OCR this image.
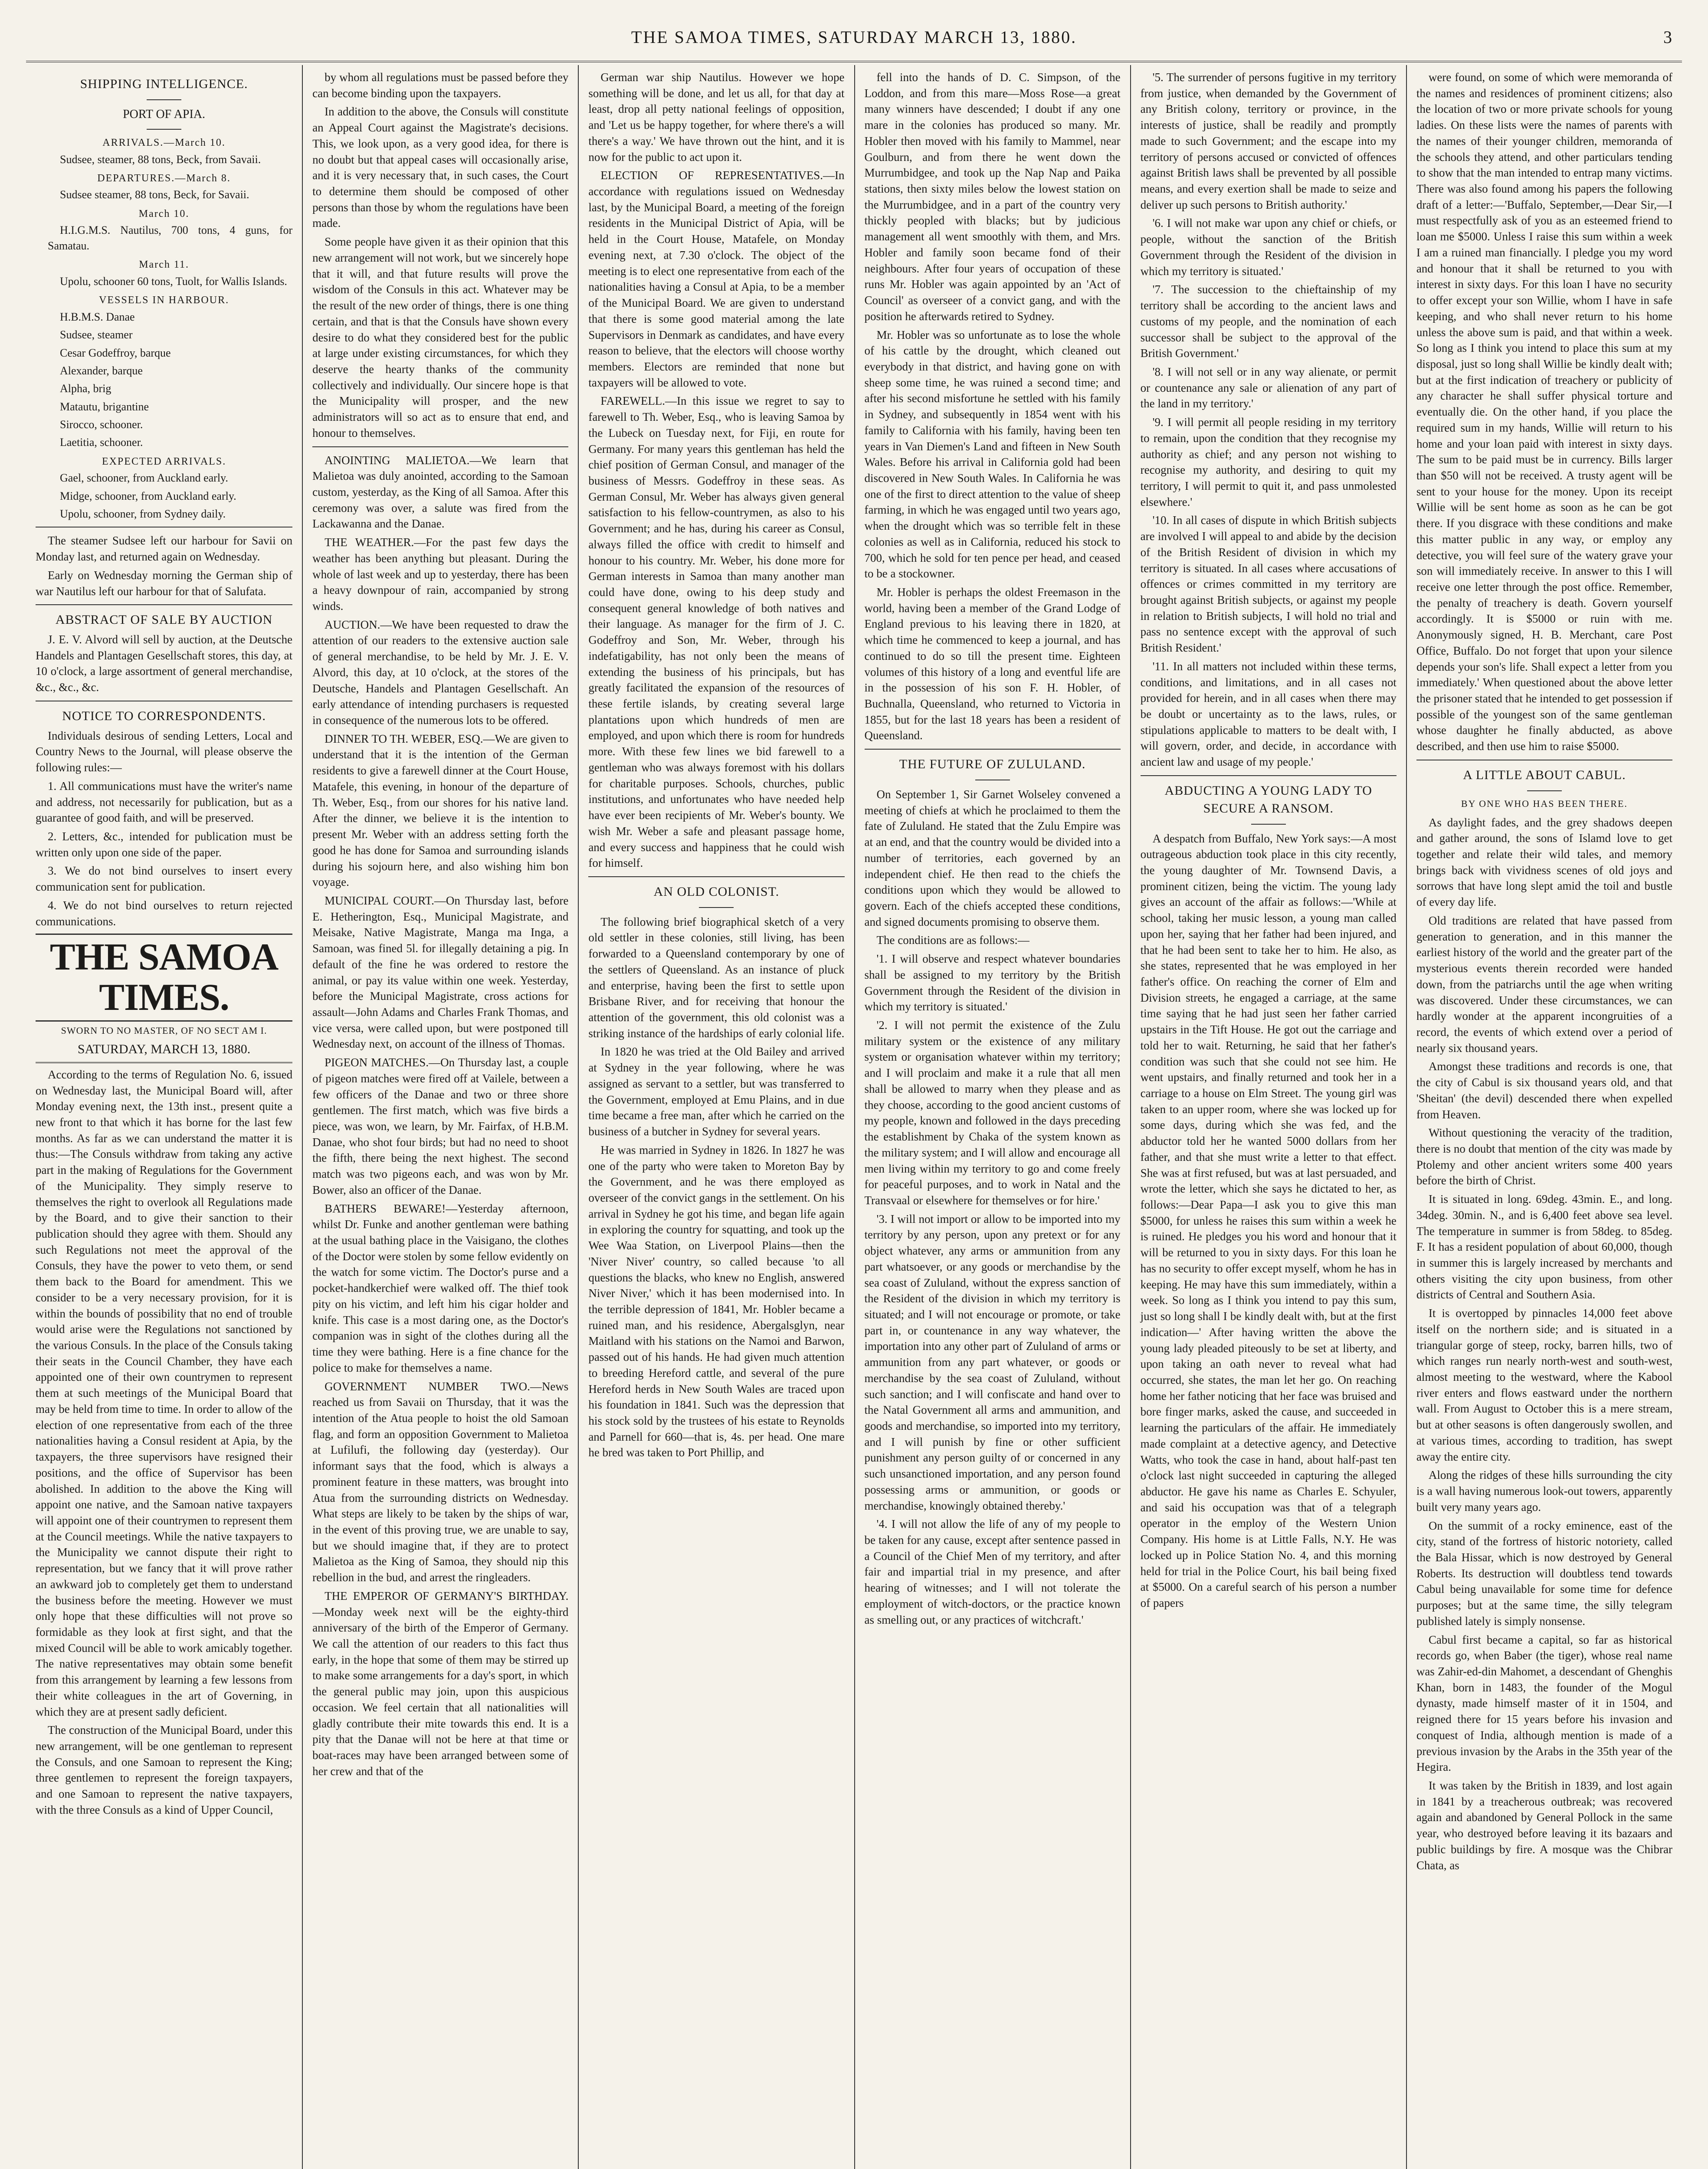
THE SAMOA TIMES, SATURDAY MARCH 13, 1880.	3
SHIPPING INTELLIGENCE.
PORT OF APIA.
ARRIVALS.—March 10.

Sudsee, steamer, 88 tons, Beck, from Savaii.

DEPARTURES.—March 8.

Sudsee steamer, 88 tons, Beck, for Savaii.

March 10.

H.I.G.M.S. Nautilus, 700 tons, 4 guns, for Samatau.

March 11.

Upolu, schooner 60 tons, Tuolt, for Wallis Islands.

VESSELS IN HARBOUR.

H.B.M.S. Danae

Sudsee, steamer

Cesar Godeffroy, barque

Alexander, barque

Alpha, brig

Matautu, brigantine

Sirocco, schooner.

Laetitia, schooner.

EXPECTED ARRIVALS.

Gael, schooner, from Auckland early.

Midge, schooner, from Auckland early.

Upolu, schooner, from Sydney daily.

The steamer Sudsee left our harbour for Savii on Monday last, and returned again on Wednesday.

Early on Wednesday morning the German ship of war Nautilus left our harbour for that of Salufata.

ABSTRACT OF SALE BY AUCTION

J. E. V. Alvord will sell by auction, at the Deutsche Handels and Plantagen Gesellschaft stores, this day, at 10 o'clock, a large assortment of general merchandise, &c., &c., &c.

NOTICE TO CORRESPONDENTS.

Individuals desirous of sending Letters, Local and Country News to the Journal, will please observe the following rules:—

1. All communications must have the writer's name and address, not necessarily for publication, but as a guarantee of good faith, and will be preserved.

2. Letters, &c., intended for publication must be written only upon one side of the paper.

3. We do not bind ourselves to insert every communication sent for publication.

4. We do not bind ourselves to return rejected communications.

THE SAMOA TIMES.
SWORN TO NO MASTER, OF NO SECT AM I.
SATURDAY, MARCH 13, 1880.

According to the terms of Regulation No. 6, issued on Wednesday last, the Municipal Board will, after Monday evening next, the 13th inst., present quite a new front to that which it has borne for the last few months. As far as we can understand the matter it is thus:—The Consuls withdraw from taking any active part in the making of Regulations for the Government of the Municipality. They simply reserve to themselves the right to overlook all Regulations made by the Board, and to give their sanction to their publication should they agree with them. Should any such Regulations not meet the approval of the Consuls, they have the power to veto them, or send them back to the Board for amendment. This we consider to be a very necessary provision, for it is within the bounds of possibility that no end of trouble would arise were the Regulations not sanctioned by the various Consuls. In the place of the Consuls taking their seats in the Council Chamber, they have each appointed one of their own countrymen to represent them at such meetings of the Municipal Board that may be held from time to time. In order to allow of the election of one representative from each of the three nationalities having a Consul resident at Apia, by the taxpayers, the three supervisors have resigned their positions, and the office of Supervisor has been abolished. In addition to the above the King will appoint one native, and the Samoan native taxpayers will appoint one of their countrymen to represent them at the Council meetings. While the native taxpayers to the Municipality we cannot dispute their right to representation, but we fancy that it will prove rather an awkward job to completely get them to understand the business before the meeting. However we must only hope that these difficulties will not prove so formidable as they look at first sight, and that the mixed Council will be able to work amicably together. The native representatives may obtain some benefit from this arrangement by learning a few lessons from their white colleagues in the art of Governing, in which they are at present sadly deficient.

The construction of the Municipal Board, under this new arrangement, will be one gentleman to represent the Consuls, and one Samoan to represent the King; three gentlemen to represent the foreign taxpayers, and one Samoan to represent the native taxpayers, with the three Consuls as a kind of Upper Council,

by whom all regulations must be passed before they can become binding upon the taxpayers.

In addition to the above, the Consuls will constitute an Appeal Court against the Magistrate's decisions. This, we look upon, as a very good idea, for there is no doubt but that appeal cases will occasionally arise, and it is very necessary that, in such cases, the Court to determine them should be composed of other persons than those by whom the regulations have been made.

Some people have given it as their opinion that this new arrangement will not work, but we sincerely hope that it will, and that future results will prove the wisdom of the Consuls in this act. Whatever may be the result of the new order of things, there is one thing certain, and that is that the Consuls have shown every desire to do what they considered best for the public at large under existing circumstances, for which they deserve the hearty thanks of the community collectively and individually. Our sincere hope is that the Municipality will prosper, and the new administrators will so act as to ensure that end, and honour to themselves.

ANOINTING MALIETOA.—We learn that Malietoa was duly anointed, according to the Samoan custom, yesterday, as the King of all Samoa. After this ceremony was over, a salute was fired from the Lackawanna and the Danae.

THE WEATHER.—For the past few days the weather has been anything but pleasant. During the whole of last week and up to yesterday, there has been a heavy downpour of rain, accompanied by strong winds.

AUCTION.—We have been requested to draw the attention of our readers to the extensive auction sale of general merchandise, to be held by Mr. J. E. V. Alvord, this day, at 10 o'clock, at the stores of the Deutsche, Handels and Plantagen Gesellschaft. An early attendance of intending purchasers is requested in consequence of the numerous lots to be offered.

DINNER TO TH. WEBER, ESQ.—We are given to understand that it is the intention of the German residents to give a farewell dinner at the Court House, Matafele, this evening, in honour of the departure of Th. Weber, Esq., from our shores for his native land. After the dinner, we believe it is the intention to present Mr. Weber with an address setting forth the good he has done for Samoa and surrounding islands during his sojourn here, and also wishing him bon voyage.

MUNICIPAL COURT.—On Thursday last, before E. Hetherington, Esq., Municipal Magistrate, and Meisake, Native Magistrate, Manga ma Inga, a Samoan, was fined 5l. for illegally detaining a pig. In default of the fine he was ordered to restore the animal, or pay its value within one week. Yesterday, before the Municipal Magistrate, cross actions for assault—John Adams and Charles Frank Thomas, and vice versa, were called upon, but were postponed till Wednesday next, on account of the illness of Thomas.

PIGEON MATCHES.—On Thursday last, a couple of pigeon matches were fired off at Vailele, between a few officers of the Danae and two or three shore gentlemen. The first match, which was five birds a piece, was won, we learn, by Mr. Fairfax, of H.B.M. Danae, who shot four birds; but had no need to shoot the fifth, there being the next highest. The second match was two pigeons each, and was won by Mr. Bower, also an officer of the Danae.

BATHERS BEWARE!—Yesterday afternoon, whilst Dr. Funke and another gentleman were bathing at the usual bathing place in the Vaisigano, the clothes of the Doctor were stolen by some fellow evidently on the watch for some victim. The Doctor's purse and a pocket-handkerchief were walked off. The thief took pity on his victim, and left him his cigar holder and knife. This case is a most daring one, as the Doctor's companion was in sight of the clothes during all the time they were bathing. Here is a fine chance for the police to make for themselves a name.

GOVERNMENT NUMBER TWO.—News reached us from Savaii on Thursday, that it was the intention of the Atua people to hoist the old Samoan flag, and form an opposition Government to Malietoa at Lufilufi, the following day (yesterday). Our informant says that the food, which is always a prominent feature in these matters, was brought into Atua from the surrounding districts on Wednesday. What steps are likely to be taken by the ships of war, in the event of this proving true, we are unable to say, but we should imagine that, if they are to protect Malietoa as the King of Samoa, they should nip this rebellion in the bud, and arrest the ringleaders.

THE EMPEROR OF GERMANY'S BIRTHDAY.—Monday week next will be the eighty-third anniversary of the birth of the Emperor of Germany. We call the attention of our readers to this fact thus early, in the hope that some of them may be stirred up to make some arrangements for a day's sport, in which the general public may join, upon this auspicious occasion. We feel certain that all nationalities will gladly contribute their mite towards this end. It is a pity that the Danae will not be here at that time or boat-races may have been arranged between some of her crew and that of the

German war ship Nautilus. However we hope something will be done, and let us all, for that day at least, drop all petty national feelings of opposition, and 'Let us be happy together, for where there's a will there's a way.' We have thrown out the hint, and it is now for the public to act upon it.

ELECTION OF REPRESENTATIVES.—In accordance with regulations issued on Wednesday last, by the Municipal Board, a meeting of the foreign residents in the Municipal District of Apia, will be held in the Court House, Matafele, on Monday evening next, at 7.30 o'clock. The object of the meeting is to elect one representative from each of the nationalities having a Consul at Apia, to be a member of the Municipal Board. We are given to understand that there is some good material among the late Supervisors in Denmark as candidates, and have every reason to believe, that the electors will choose worthy members. Electors are reminded that none but taxpayers will be allowed to vote.

FAREWELL.—In this issue we regret to say to farewell to Th. Weber, Esq., who is leaving Samoa by the Lubeck on Tuesday next, for Fiji, en route for Germany. For many years this gentleman has held the chief position of German Consul, and manager of the business of Messrs. Godeffroy in these seas. As German Consul, Mr. Weber has always given general satisfaction to his fellow-countrymen, as also to his Government; and he has, during his career as Consul, always filled the office with credit to himself and honour to his country. Mr. Weber, his done more for German interests in Samoa than many another man could have done, owing to his deep study and consequent general knowledge of both natives and their language. As manager for the firm of J. C. Godeffroy and Son, Mr. Weber, through his indefatigability, has not only been the means of extending the business of his principals, but has greatly facilitated the expansion of the resources of these fertile islands, by creating several large plantations upon which hundreds of men are employed, and upon which there is room for hundreds more. With these few lines we bid farewell to a gentleman who was always foremost with his dollars for charitable purposes. Schools, churches, public institutions, and unfortunates who have needed help have ever been recipients of Mr. Weber's bounty. We wish Mr. Weber a safe and pleasant passage home, and every success and happiness that he could wish for himself.

AN OLD COLONIST.

The following brief biographical sketch of a very old settler in these colonies, still living, has been forwarded to a Queensland contemporary by one of the settlers of Queensland. As an instance of pluck and enterprise, having been the first to settle upon Brisbane River, and for receiving that honour the attention of the government, this old colonist was a striking instance of the hardships of early colonial life.

In 1820 he was tried at the Old Bailey and arrived at Sydney in the year following, where he was assigned as servant to a settler, but was transferred to the Government, employed at Emu Plains, and in due time became a free man, after which he carried on the business of a butcher in Sydney for several years.

He was married in Sydney in 1826. In 1827 he was one of the party who were taken to Moreton Bay by the Government, and he was there employed as overseer of the convict gangs in the settlement. On his arrival in Sydney he got his time, and began life again in exploring the country for squatting, and took up the Wee Waa Station, on Liverpool Plains—then the 'Niver Niver' country, so called because 'to all questions the blacks, who knew no English, answered Niver Niver,' which it has been modernised into. In the terrible depression of 1841, Mr. Hobler became a ruined man, and his residence, Abergalsglyn, near Maitland with his stations on the Namoi and Barwon, passed out of his hands. He had given much attention to breeding Hereford cattle, and several of the pure Hereford herds in New South Wales are traced upon his foundation in 1841. Such was the depression that his stock sold by the trustees of his estate to Reynolds and Parnell for 660—that is, 4s. per head. One mare he bred was taken to Port Phillip, and

fell into the hands of D. C. Simpson, of the Loddon, and from this mare—Moss Rose—a great many winners have descended; I doubt if any one mare in the colonies has produced so many. Mr. Hobler then moved with his family to Mammel, near Goulburn, and from there he went down the Murrumbidgee, and took up the Nap Nap and Paika stations, then sixty miles below the lowest station on the Murrumbidgee, and in a part of the country very thickly peopled with blacks; but by judicious management all went smoothly with them, and Mrs. Hobler and family soon became fond of their neighbours. After four years of occupation of these runs Mr. Hobler was again appointed by an 'Act of Council' as overseer of a convict gang, and with the position he afterwards retired to Sydney.

Mr. Hobler was so unfortunate as to lose the whole of his cattle by the drought, which cleaned out everybody in that district, and having gone on with sheep some time, he was ruined a second time; and after his second misfortune he settled with his family in Sydney, and subsequently in 1854 went with his family to California with his family, having been ten years in Van Diemen's Land and fifteen in New South Wales. Before his arrival in California gold had been discovered in New South Wales. In California he was one of the first to direct attention to the value of sheep farming, in which he was engaged until two years ago, when the drought which was so terrible felt in these colonies as well as in California, reduced his stock to 700, which he sold for ten pence per head, and ceased to be a stockowner.

Mr. Hobler is perhaps the oldest Freemason in the world, having been a member of the Grand Lodge of England previous to his leaving there in 1820, at which time he commenced to keep a journal, and has continued to do so till the present time. Eighteen volumes of this history of a long and eventful life are in the possession of his son F. H. Hobler, of Buchnalla, Queensland, who returned to Victoria in 1855, but for the last 18 years has been a resident of Queensland.

THE FUTURE OF ZULULAND.

On September 1, Sir Garnet Wolseley convened a meeting of chiefs at which he proclaimed to them the fate of Zululand. He stated that the Zulu Empire was at an end, and that the country would be divided into a number of territories, each governed by an independent chief. He then read to the chiefs the conditions upon which they would be allowed to govern. Each of the chiefs accepted these conditions, and signed documents promising to observe them.

The conditions are as follows:—

'1. I will observe and respect whatever boundaries shall be assigned to my territory by the British Government through the Resident of the division in which my territory is situated.'

'2. I will not permit the existence of the Zulu military system or the existence of any military system or organisation whatever within my territory; and I will proclaim and make it a rule that all men shall be allowed to marry when they please and as they choose, according to the good ancient customs of my people, known and followed in the days preceding the establishment by Chaka of the system known as the military system; and I will allow and encourage all men living within my territory to go and come freely for peaceful purposes, and to work in Natal and the Transvaal or elsewhere for themselves or for hire.'

'3. I will not import or allow to be imported into my territory by any person, upon any pretext or for any object whatever, any arms or ammunition from any part whatsoever, or any goods or merchandise by the sea coast of Zululand, without the express sanction of the Resident of the division in which my territory is situated; and I will not encourage or promote, or take part in, or countenance in any way whatever, the importation into any other part of Zululand of arms or ammunition from any part whatever, or goods or merchandise by the sea coast of Zululand, without such sanction; and I will confiscate and hand over to the Natal Government all arms and ammunition, and goods and merchandise, so imported into my territory, and I will punish by fine or other sufficient punishment any person guilty of or concerned in any such unsanctioned importation, and any person found possessing arms or ammunition, or goods or merchandise, knowingly obtained thereby.'

'4. I will not allow the life of any of my people to be taken for any cause, except after sentence passed in a Council of the Chief Men of my territory, and after fair and impartial trial in my presence, and after hearing of witnesses; and I will not tolerate the employment of witch-doctors, or the practice known as smelling out, or any practices of witchcraft.'

'5. The surrender of persons fugitive in my territory from justice, when demanded by the Government of any British colony, territory or province, in the interests of justice, shall be readily and promptly made to such Government; and the escape into my territory of persons accused or convicted of offences against British laws shall be prevented by all possible means, and every exertion shall be made to seize and deliver up such persons to British authority.'

'6. I will not make war upon any chief or chiefs, or people, without the sanction of the British Government through the Resident of the division in which my territory is situated.'

'7. The succession to the chieftainship of my territory shall be according to the ancient laws and customs of my people, and the nomination of each successor shall be subject to the approval of the British Government.'

'8. I will not sell or in any way alienate, or permit or countenance any sale or alienation of any part of the land in my territory.'

'9. I will permit all people residing in my territory to remain, upon the condition that they recognise my authority as chief; and any person not wishing to recognise my authority, and desiring to quit my territory, I will permit to quit it, and pass unmolested elsewhere.'

'10. In all cases of dispute in which British subjects are involved I will appeal to and abide by the decision of the British Resident of division in which my territory is situated. In all cases where accusations of offences or crimes committed in my territory are brought against British subjects, or against my people in relation to British subjects, I will hold no trial and pass no sentence except with the approval of such British Resident.'

'11. In all matters not included within these terms, conditions, and limitations, and in all cases not provided for herein, and in all cases when there may be doubt or uncertainty as to the laws, rules, or stipulations applicable to matters to be dealt with, I will govern, order, and decide, in accordance with ancient law and usage of my people.'

ABDUCTING A YOUNG LADY TO SECURE A RANSOM.

A despatch from Buffalo, New York says:—A most outrageous abduction took place in this city recently, the young daughter of Mr. Townsend Davis, a prominent citizen, being the victim. The young lady gives an account of the affair as follows:—'While at school, taking her music lesson, a young man called upon her, saying that her father had been injured, and that he had been sent to take her to him. He also, as she states, represented that he was employed in her father's office. On reaching the corner of Elm and Division streets, he engaged a carriage, at the same time saying that he had just seen her father carried upstairs in the Tift House. He got out the carriage and told her to wait. Returning, he said that her father's condition was such that she could not see him. He went upstairs, and finally returned and took her in a carriage to a house on Elm Street. The young girl was taken to an upper room, where she was locked up for some days, during which she was fed, and the abductor told her he wanted 5000 dollars from her father, and that she must write a letter to that effect. She was at first refused, but was at last persuaded, and wrote the letter, which she says he dictated to her, as follows:—Dear Papa—I ask you to give this man $5000, for unless he raises this sum within a week he is ruined. He pledges you his word and honour that it will be returned to you in sixty days. For this loan he has no security to offer except myself, whom he has in keeping. He may have this sum immediately, within a week. So long as I think you intend to pay this sum, just so long shall I be kindly dealt with, but at the first indication—' After having written the above the young lady pleaded piteously to be set at liberty, and upon taking an oath never to reveal what had occurred, she states, the man let her go. On reaching home her father noticing that her face was bruised and bore finger marks, asked the cause, and succeeded in learning the particulars of the affair. He immediately made complaint at a detective agency, and Detective Watts, who took the case in hand, about half-past ten o'clock last night succeeded in capturing the alleged abductor. He gave his name as Charles E. Schyuler, and said his occupation was that of a telegraph operator in the employ of the Western Union Company. His home is at Little Falls, N.Y. He was locked up in Police Station No. 4, and this morning held for trial in the Police Court, his bail being fixed at $5000. On a careful search of his person a number of papers

were found, on some of which were memoranda of the names and residences of prominent citizens; also the location of two or more private schools for young ladies. On these lists were the names of parents with the names of their younger children, memoranda of the schools they attend, and other particulars tending to show that the man intended to entrap many victims. There was also found among his papers the following draft of a letter:—'Buffalo, September,—Dear Sir,—I must respectfully ask of you as an esteemed friend to loan me $5000. Unless I raise this sum within a week I am a ruined man financially. I pledge you my word and honour that it shall be returned to you with interest in sixty days. For this loan I have no security to offer except your son Willie, whom I have in safe keeping, and who shall never return to his home unless the above sum is paid, and that within a week. So long as I think you intend to place this sum at my disposal, just so long shall Willie be kindly dealt with; but at the first indication of treachery or publicity of any character he shall suffer physical torture and eventually die. On the other hand, if you place the required sum in my hands, Willie will return to his home and your loan paid with interest in sixty days. The sum to be paid must be in currency. Bills larger than $50 will not be received. A trusty agent will be sent to your house for the money. Upon its receipt Willie will be sent home as soon as he can be got there. If you disgrace with these conditions and make this matter public in any way, or employ any detective, you will feel sure of the watery grave your son will immediately receive. In answer to this I will receive one letter through the post office. Remember, the penalty of treachery is death. Govern yourself accordingly. It is $5000 or ruin with me. Anonymously signed, H. B. Merchant, care Post Office, Buffalo. Do not forget that upon your silence depends your son's life. Shall expect a letter from you immediately.' When questioned about the above letter the prisoner stated that he intended to get possession if possible of the youngest son of the same gentleman whose daughter he finally abducted, as above described, and then use him to raise $5000.

A LITTLE ABOUT CABUL.
BY ONE WHO HAS BEEN THERE.

As daylight fades, and the grey shadows deepen and gather around, the sons of Islamd love to get together and relate their wild tales, and memory brings back with vividness scenes of old joys and sorrows that have long slept amid the toil and bustle of every day life.

Old traditions are related that have passed from generation to generation, and in this manner the earliest history of the world and the greater part of the mysterious events therein recorded were handed down, from the patriarchs until the age when writing was discovered. Under these circumstances, we can hardly wonder at the apparent incongruities of a record, the events of which extend over a period of nearly six thousand years.

Amongst these traditions and records is one, that the city of Cabul is six thousand years old, and that 'Sheitan' (the devil) descended there when expelled from Heaven.

Without questioning the veracity of the tradition, there is no doubt that mention of the city was made by Ptolemy and other ancient writers some 400 years before the birth of Christ.

It is situated in long. 69deg. 43min. E., and long. 34deg. 30min. N., and is 6,400 feet above sea level. The temperature in summer is from 58deg. to 85deg. F. It has a resident population of about 60,000, though in summer this is largely increased by merchants and others visiting the city upon business, from other districts of Central and Southern Asia.

It is overtopped by pinnacles 14,000 feet above itself on the northern side; and is situated in a triangular gorge of steep, rocky, barren hills, two of which ranges run nearly north-west and south-west, almost meeting to the westward, where the Kabool river enters and flows eastward under the northern wall. From August to October this is a mere stream, but at other seasons is often dangerously swollen, and at various times, according to tradition, has swept away the entire city.

Along the ridges of these hills surrounding the city is a wall having numerous look-out towers, apparently built very many years ago.

On the summit of a rocky eminence, east of the city, stand of the fortress of historic notoriety, called the Bala Hissar, which is now destroyed by General Roberts. Its destruction will doubtless tend towards Cabul being unavailable for some time for defence purposes; but at the same time, the silly telegram published lately is simply nonsense.

Cabul first became a capital, so far as historical records go, when Baber (the tiger), whose real name was Zahir-ed-din Mahomet, a descendant of Ghenghis Khan, born in 1483, the founder of the Mogul dynasty, made himself master of it in 1504, and reigned there for 15 years before his invasion and conquest of India, although mention is made of a previous invasion by the Arabs in the 35th year of the Hegira.

It was taken by the British in 1839, and lost again in 1841 by a treacherous outbreak; was recovered again and abandoned by General Pollock in the same year, who destroyed before leaving it its bazaars and public buildings by fire. A mosque was the Chibrar Chata, as
